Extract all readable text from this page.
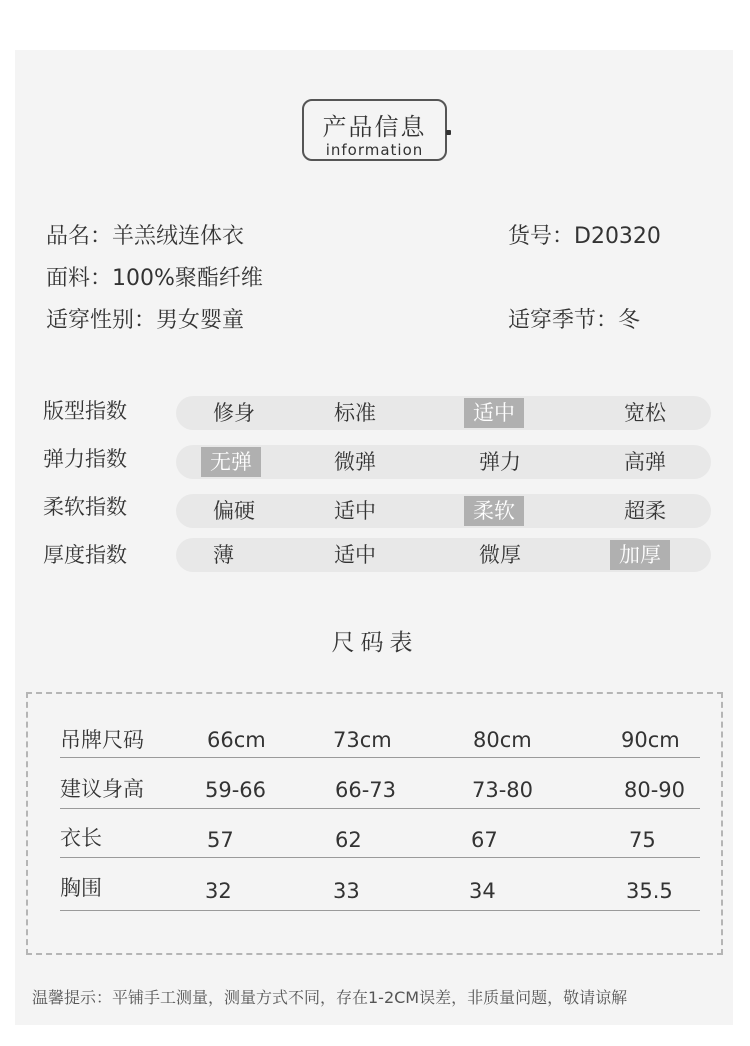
产品信息
information
品名：羊羔绒连体衣	货号：D20320
面料：100%聚酯纤维
适穿性别：男女婴童	适穿季节：冬
版型指数	修身	标准	适中	宽松
弹力指数	无弹	微弹	弹力	高弹
柔软指数	偏硬	适中	柔软	超柔
厚度指数	薄	适中	微厚	加厚
尺码表
吊牌尺码	66cm	73cm	80cm	90cm
建议身高	59-66	66-73	73-80	80-90
衣长	57	62	67	75
胸围	32	33	34	35.5
温馨提示：平铺手工测量，测量方式不同，存在1-2CM误差，非质量问题，敬请谅解
